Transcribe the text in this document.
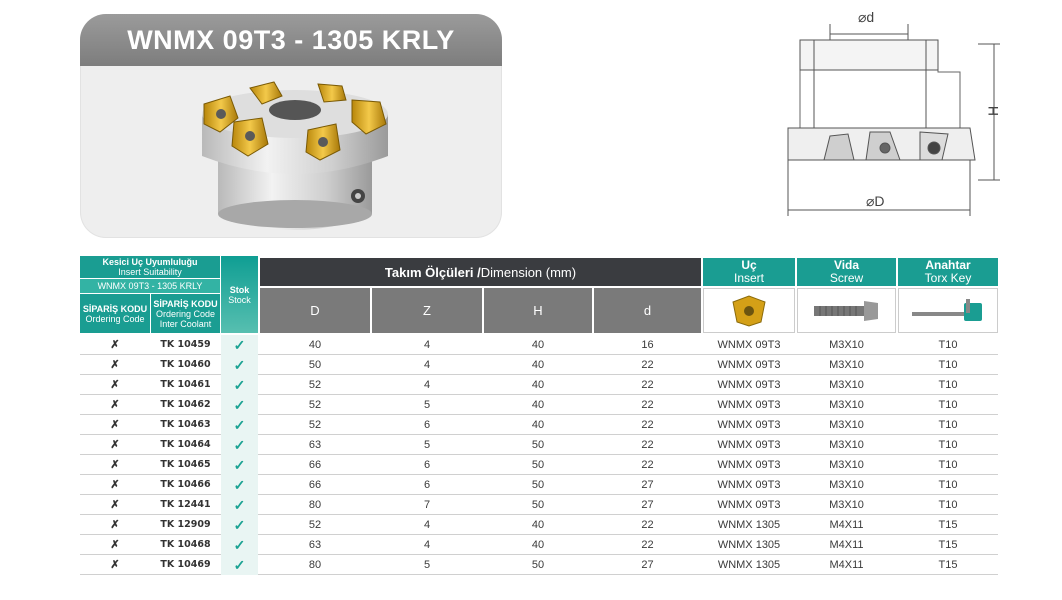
WNMX 09T3 - 1305 KRLY
⌀d
H
⌀D
Kesici Uç Uyumluluğu
Insert Suitability
WNMX 09T3 - 1305 KRLY
SİPARİŞ KODU
Ordering Code
SİPARİŞ KODU
Ordering Code
Inter Coolant
Stok
Stock
Takım Ölçüleri / Dimension (mm)
D	Z	H	d
Uç
Insert
Vida
Screw
Anahtar
Torx Key
✗	TK 10459	✓	40	4	40	16	WNMX 09T3	M3X10	T10
✗	TK 10460	✓	50	4	40	22	WNMX 09T3	M3X10	T10
✗	TK 10461	✓	52	4	40	22	WNMX 09T3	M3X10	T10
✗	TK 10462	✓	52	5	40	22	WNMX 09T3	M3X10	T10
✗	TK 10463	✓	52	6	40	22	WNMX 09T3	M3X10	T10
✗	TK 10464	✓	63	5	50	22	WNMX 09T3	M3X10	T10
✗	TK 10465	✓	66	6	50	22	WNMX 09T3	M3X10	T10
✗	TK 10466	✓	66	6	50	27	WNMX 09T3	M3X10	T10
✗	TK 12441	✓	80	7	50	27	WNMX 09T3	M3X10	T10
✗	TK 12909	✓	52	4	40	22	WNMX 1305	M4X11	T15
✗	TK 10468	✓	63	4	40	22	WNMX 1305	M4X11	T15
✗	TK 10469	✓	80	5	50	27	WNMX 1305	M4X11	T15
